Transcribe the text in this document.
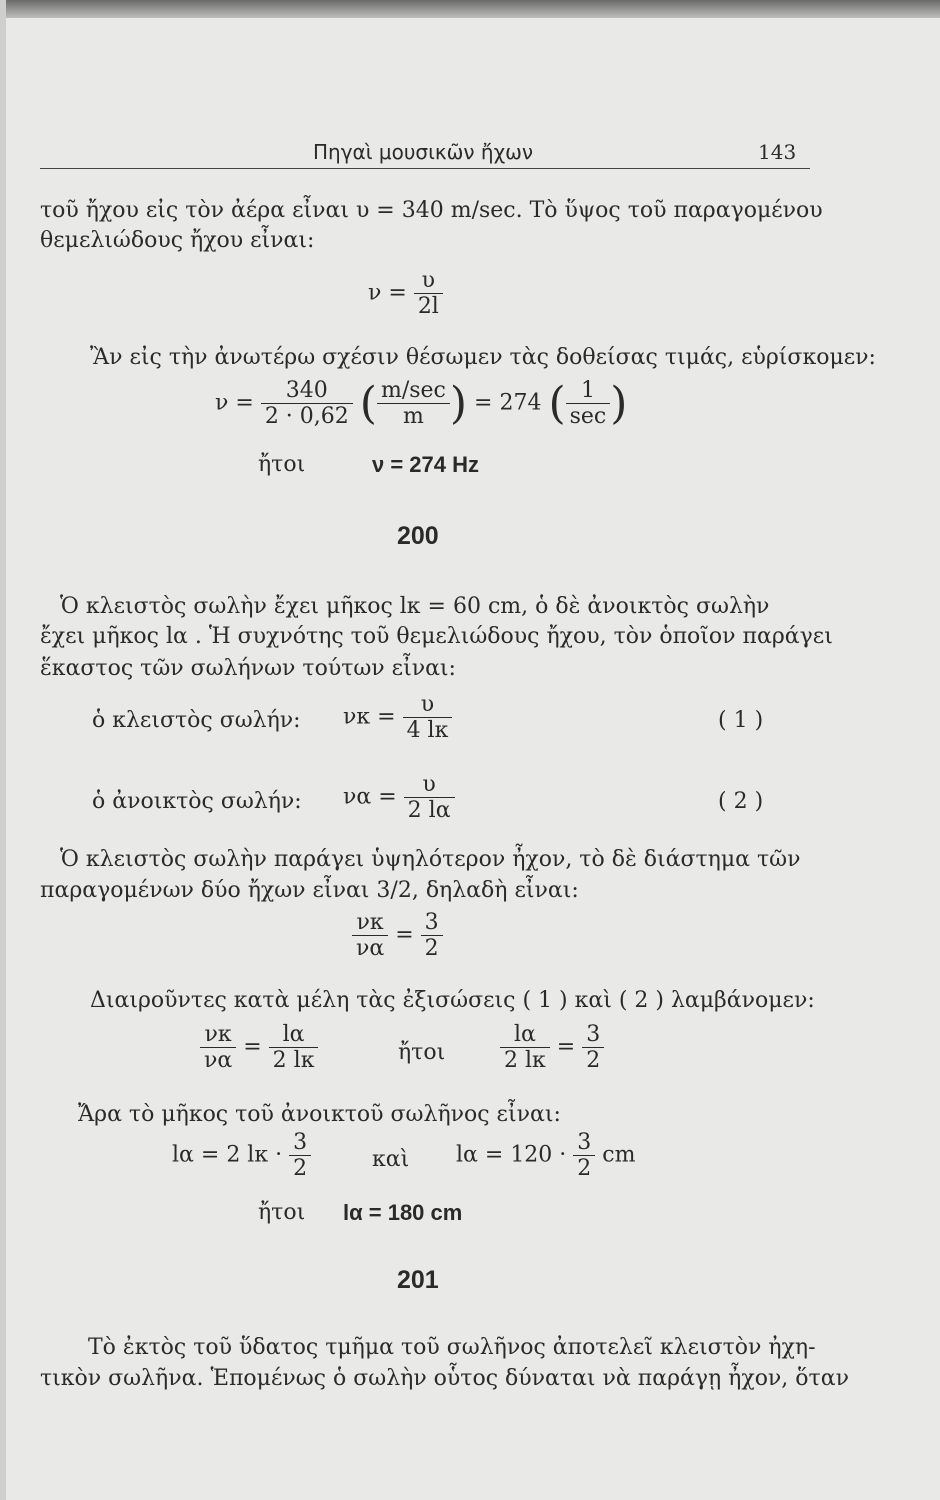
Πηγαὶ μουσικῶν ἤχων	143
τοῦ ἤχου εἰς τὸν ἀέρα εἶναι υ = 340 m/sec. Τὸ ὕψος τοῦ παραγομένου
θεμελιώδους ἤχου εἶναι:
$\nu = \frac{\upsilon}{2l}$
Ἂν εἰς τὴν ἀνωτέρω σχέσιν θέσωμεν τὰς δοθείσας τιμάς, εὑρίσκομεν:
$\nu = \frac{340}{2 \cdot 0,62}$ ( $\frac{m/\sec}{m}$ ) = 274 ( $\frac{1}{\sec}$ )
ἤτοι	ν = 274 Hz
200
Ὁ κλειστὸς σωλὴν ἔχει μῆκος lκ = 60 cm, ὁ δὲ ἀνοικτὸς σωλὴν
ἔχει μῆκος lα . Ἡ συχνότης τοῦ θεμελιώδους ἤχου, τὸν ὁποῖον παράγει
ἕκαστος τῶν σωλήνων τούτων εἶναι:
ὁ κλειστὸς σωλήν: $\nu\kappa = \frac{\upsilon}{4 l\kappa}$	( 1 )
ὁ ἀνοικτὸς σωλήν: $\nu\alpha = \frac{\upsilon}{2 l\alpha}$	( 2 )
Ὁ κλειστὸς σωλὴν παράγει ὑψηλότερον ἦχον, τὸ δὲ διάστημα τῶν
παραγομένων δύο ἤχων εἶναι 3/2, δηλαδὴ εἶναι:
$\frac{\nu\kappa}{\nu\alpha} = \frac{3}{2}$
Διαιροῦντες κατὰ μέλη τὰς ἐξισώσεις ( 1 ) καὶ ( 2 ) λαμβάνομεν:
$\frac{\nu\kappa}{\nu\alpha} = \frac{l\alpha}{2 l\kappa}$	ἤτοι $\frac{l\alpha}{2 l\kappa} = \frac{3}{2}$
Ἄρα τὸ μῆκος τοῦ ἀνοικτοῦ σωλῆνος εἶναι:
lα = 2 $l\kappa \cdot \frac{3}{2}$	καὶ $l\alpha = 120 \cdot \frac{3}{2}$ cm
ἤτοι lα = 180 cm
201
Τὸ ἐκτὸς τοῦ ὕδατος τμῆμα τοῦ σωλῆνος ἀποτελεῖ κλειστὸν ἠχη-
τικὸν σωλῆνα. Ἑπομένως ὁ σωλὴν οὗτος δύναται νὰ παράγῃ ἦχον, ὅταν
